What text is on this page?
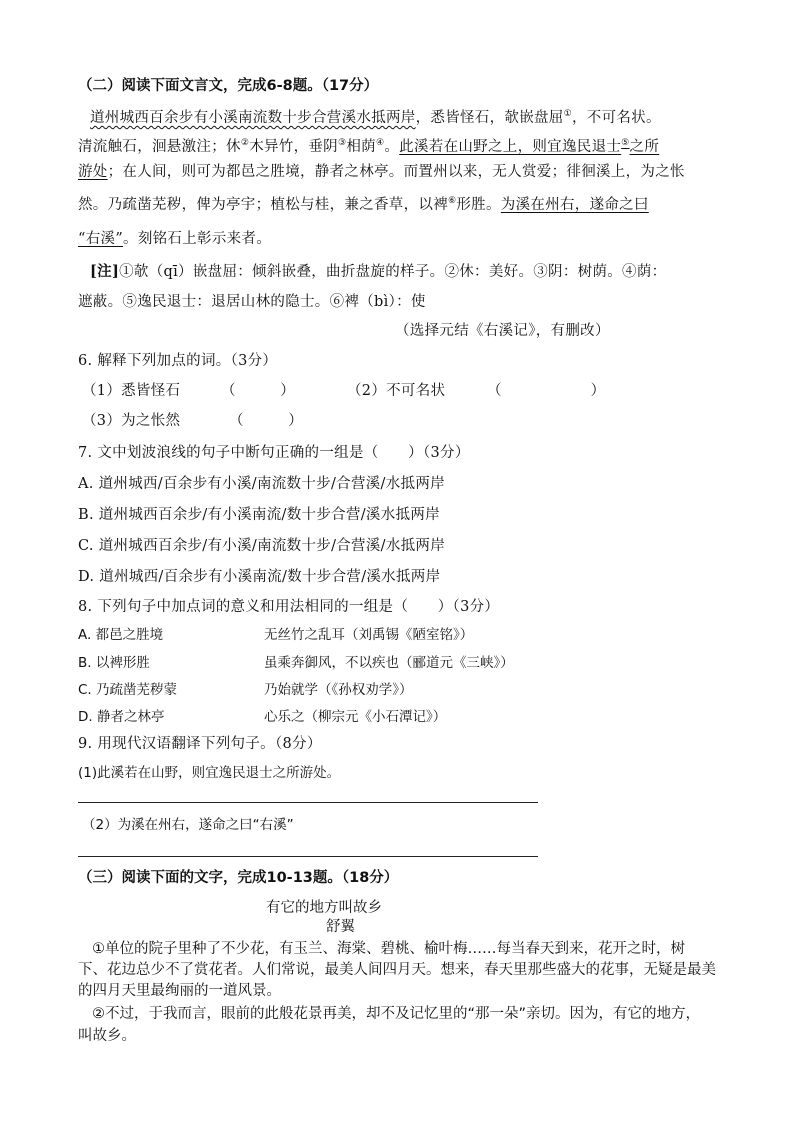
（二）阅读下面文言文，完成6-8题。（17分）
道州城西百余步有小溪南流数十步合营溪水抵两岸，悉皆怪石，欹嵌盘屈①，不可名状。
清流触石，洄悬激注；休②木异竹，垂阴③相荫④。此溪若在山野之上，则宜逸民退士⑤之所
游处；在人间，则可为都邑之胜境，静者之林亭。而置州以来，无人赏爱；徘徊溪上，为之怅
然。乃疏凿芜秽，俾为亭宇；植松与桂，兼之香草，以裨⑥形胜。为溪在州右，遂命之曰
“右溪”。刻铭石上彰示来者。
[注]①欹（qī）嵌盘屈：倾斜嵌叠，曲折盘旋的样子。②休：美好。③阴：树荫。④荫：
遮蔽。⑤逸民退士：退居山林的隐士。⑥裨（bì）：使
（选择元结《右溪记》，有删改）
6. 解释下列加点的词。（3分）
（1）悉皆怪石	（　　　）	（2）不可名状	（　　　　　　）
（3）为之怅然	（　　　）
7. 文中划波浪线的句子中断句正确的一组是（　　）（3分）
A. 道州城西/百余步有小溪/南流数十步/合营溪/水抵两岸
B. 道州城西百余步/有小溪南流/数十步合营/溪水抵两岸
C. 道州城西百余步/有小溪/南流数十步/合营溪/水抵两岸
D. 道州城西/百余步有小溪南流/数十步合营/溪水抵两岸
8. 下列句子中加点词的意义和用法相同的一组是（　　）（3分）
A. 都邑之胜境	无丝竹之乱耳（刘禹锡《陋室铭》）
B. 以裨形胜	虽乘奔御风，不以疾也（郦道元《三峡》）
C. 乃疏凿芜秽蒙	乃始就学（《孙权劝学》）
D. 静者之林亭	心乐之（柳宗元《小石潭记》）
9. 用现代汉语翻译下列句子。（8分）
(1)此溪若在山野，则宜逸民退士之所游处。
（2）为溪在州右，遂命之曰“右溪”
（三）阅读下面的文字，完成10-13题。（18分）
有它的地方叫故乡
舒翼
①单位的院子里种了不少花，有玉兰、海棠、碧桃、榆叶梅……每当春天到来，花开之时，树
下、花边总少不了赏花者。人们常说，最美人间四月天。想来，春天里那些盛大的花事，无疑是最美
的四月天里最绚丽的一道风景。
②不过，于我而言，眼前的此般花景再美，却不及记忆里的“那一朵”亲切。因为，有它的地方，
叫故乡。
